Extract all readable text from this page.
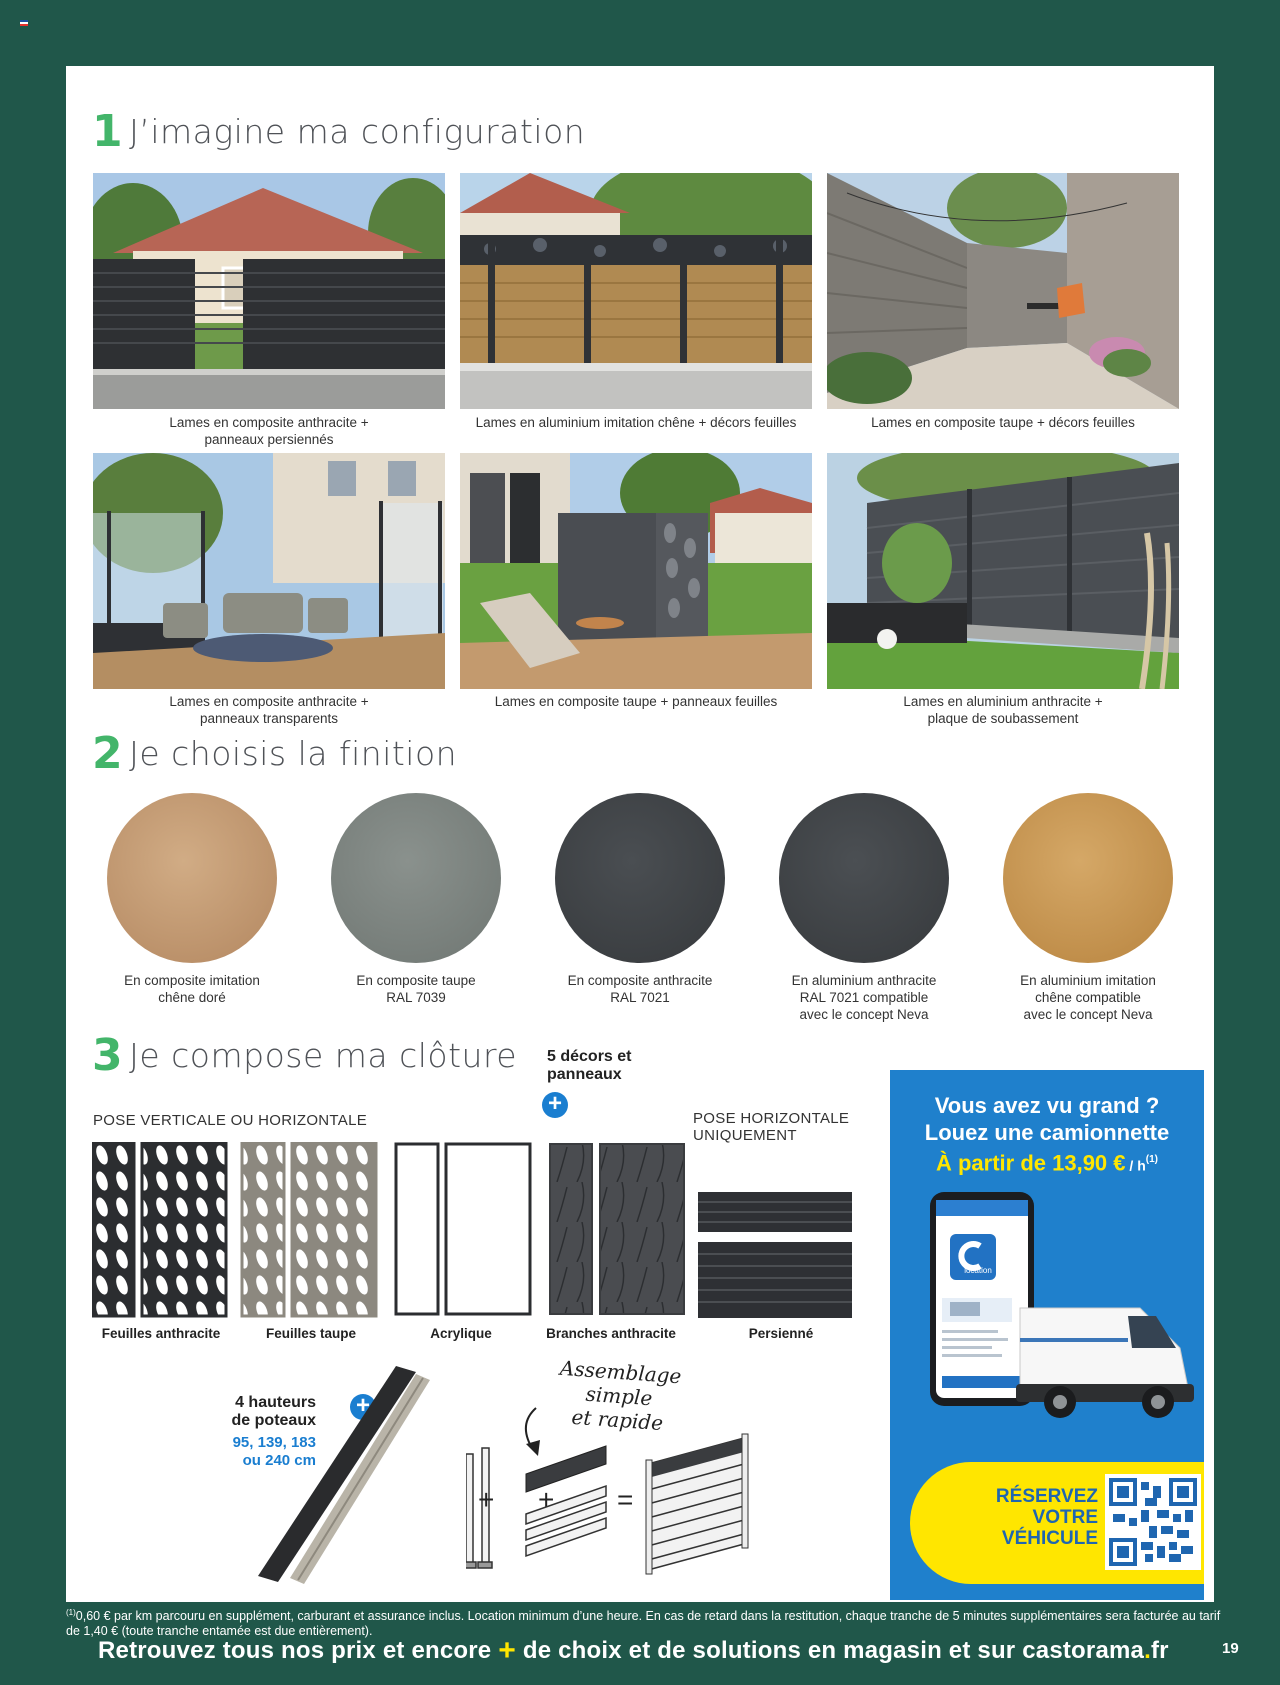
1 J’imagine ma configuration
Lames en composite anthracite +
panneaux persiennés
Lames en aluminium imitation chêne + décors feuilles	Lames en composite taupe + décors feuilles
Lames en composite anthracite +
panneaux transparents
Lames en composite taupe + panneaux feuilles	Lames en aluminium anthracite +
plaque de soubassement
2 Je choisis la finition
En composite imitation
chêne doré
En composite taupe
RAL 7039
En composite anthracite
RAL 7021
En aluminium anthracite
RAL 7021 compatible
avec le concept Neva
En aluminium imitation
chêne compatible
avec le concept Neva
3 Je compose ma clôture 5 décors et
panneaux
+
POSE VERTICALE OU HORIZONTALE	POSE HORIZONTALE
UNIQUEMENT
Feuilles anthracite	Feuilles taupe	Acrylique	Branches anthracite	Persienné
4 hauteurs
de poteaux
+
95, 139, 183
ou 240 cm
Assemblage simple
et rapide
+ + =
Vous avez vu grand ?
Louez une camionnette
À partir de 13,90 € / $h^{(1)}$
location
RÉSERVEZ
VOTRE
VÉHICULE
$^{(1)}$0,60 € par km parcouru en supplément, carburant et assurance inclus. Location minimum d’une heure. En cas de retard dans la restitution, chaque tranche de 5 minutes supplémentaires sera facturée au tarif de 1,40 € (toute tranche entamée est due entièrement).
Retrouvez tous nos prix et encore + de choix et de solutions en magasin et sur castorama.fr	19
